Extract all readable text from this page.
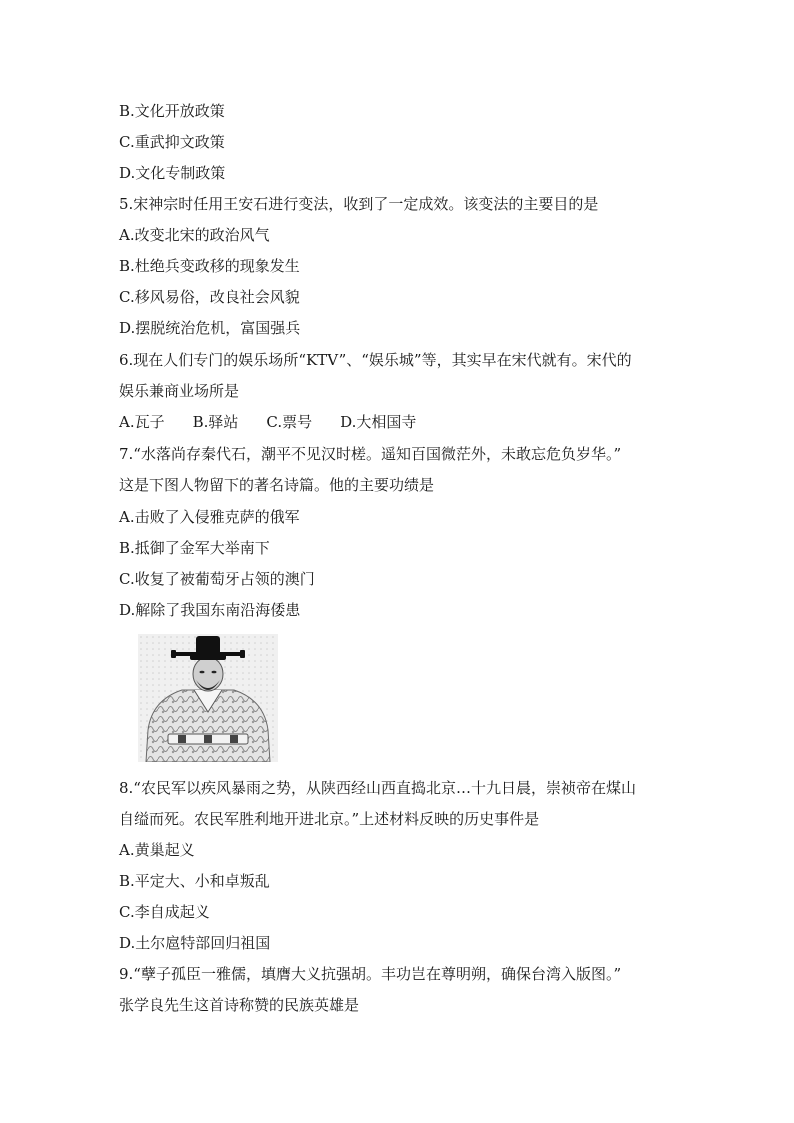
B.文化开放政策
C.重武抑文政策
D.文化专制政策
5.宋神宗时任用王安石进行变法，收到了一定成效。该变法的主要目的是
A.改变北宋的政治风气
B.杜绝兵变政移的现象发生
C.移风易俗，改良社会风貌
D.摆脱统治危机，富国强兵
6.现在人们专门的娱乐场所“KTV”、“娱乐城”等，其实早在宋代就有。宋代的
娱乐兼商业场所是
A.瓦子 B.驿站 C.票号 D.大相国寺
7.“水落尚存秦代石，潮平不见汉时槎。遥知百国微茫外，未敢忘危负岁华。”
这是下图人物留下的著名诗篇。他的主要功绩是
A.击败了入侵雅克萨的俄军
B.抵御了金军大举南下
C.收复了被葡萄牙占领的澳门
D.解除了我国东南沿海倭患
8.“农民军以疾风暴雨之势，从陕西经山西直捣北京…十九日晨，崇祯帝在煤山
自缢而死。农民军胜利地开进北京。”上述材料反映的历史事件是
A.黄巢起义
B.平定大、小和卓叛乱
C.李自成起义
D.土尔扈特部回归祖国
9.“孽子孤臣一雅儒，填膺大义抗强胡。丰功岂在尊明朔，确保台湾入版图。”
张学良先生这首诗称赞的民族英雄是
